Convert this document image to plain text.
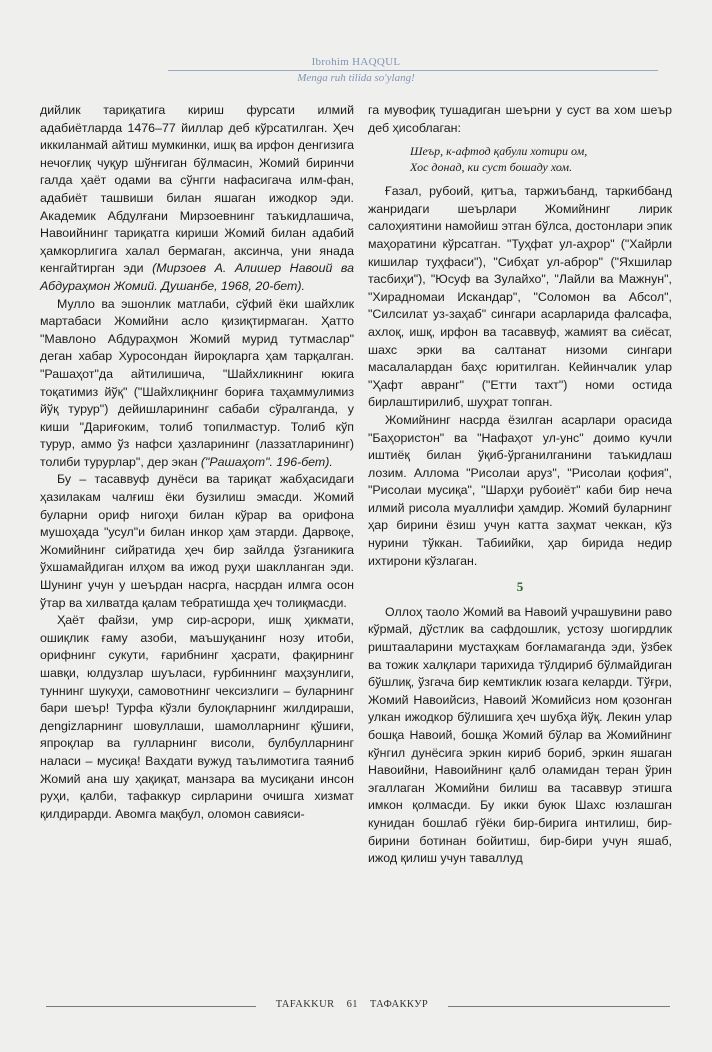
Ibrohim HAQQUL
Menga ruh tilida so'ylang!

дийлик тариқатига кириш фурсати илмий адабиётларда 1476–77 йиллар деб кўрсатилган. Ҳеч иккиланмай айтиш мумкинки, ишқ ва ирфон денгизига нечоғлиқ чуқур шўнғиган бўлмасин, Жомий биринчи галда ҳаёт одами ва сўнгги нафасигача илм-фан, адабиёт ташвиши билан яшаган ижодкор эди. Академик Абдулғани Мирзоевнинг таъкидлашича, Навоийнинг тариқатга кириши Жомий билан адабий ҳамкорлигига халал бермаган, аксинча, уни янада кенгайтирган эди (Мирзоев А. Алишер Навоий ва Абдураҳмон Жомий. Душанбе, 1968, 20-бет).

Мулло ва эшонлик матлаби, сўфий ёки шайхлик мартабаси Жомийни асло қизиқтирмаган. Ҳатто "Мавлоно Абдураҳмон Жомий мурид тутмаслар" деган хабар Хуросондан йироқларга ҳам тарқалган. "Рашаҳот"да айтилишича, "Шайхликнинг юкига тоқатимиз йўқ" ("Шайхлиқнинг бориға таҳаммулимиз йўқ турур") дейишларининг сабаби сўралганда, у киши "Дариғоким, толиб топилмастур. Толиб кўп турур, аммо ўз нафси ҳазларининг (лаззатларининг) толиби турурлар", дер экан ("Рашаҳот". 196-бет).

Бу – тасаввуф дунёси ва тариқат жабҳасидаги ҳазилакам чалғиш ёки бузилиш эмасди. Жомий буларни ориф нигоҳи билан кўрар ва орифона мушоҳада "усул"и билан инкор ҳам этарди. Дарвоқе, Жомийнинг сийратида ҳеч бир зайлда ўзганикига ўхшамайдиган илҳом ва ижод руҳи шаклланган эди. Шунинг учун у шеърдан насрга, насрдан илмга осон ўтар ва хилватда қалам тебратишда ҳеч толиқмасди.

Ҳаёт файзи, умр сир-асрори, ишқ ҳикмати, ошиқлик ғаму азоби, маъшуқанинг нозу итоби, орифнинг сукути, ғарибнинг ҳасрати, фақирнинг шавқи, юлдузлар шуъласи, ғурбиннинг маҳзунлиги, туннинг шукуҳи, самовотнинг чексизлиги – буларнинг бари шеър! Турфа кўзли булоқларнинг жилдираши, дengizларнинг шовуллаши, шамолларнинг қўшиғи, япроқлар ва гулларнинг висоли, булбулларнинг наласи – мусиқа! Вахдати вужуд таълимотига таяниб Жомий ана шу ҳақиқат, манзара ва мусиқани инсон руҳи, қалби, тафаккур сирларини очишга хизмат қилдирарди. Авомга мақбул, оломон савияси-

га мувофиқ тушадиган шеърни у суст ва хом шеър деб ҳисоблаган:

Шеър, к-афтод қабули хотири ом,
Хос донад, ки суст бошаду хом.

Ғазал, рубоий, қитъа, таржиъбанд, таркиббанд жанридаги шеърлари Жомийнинг лирик салоҳиятини намойиш этган бўлса, достонлари эпик маҳоратини кўрсатган. "Туҳфат ул-аҳрор" ("Хайрли кишилар туҳфаси"), "Сибҳат ул-аброр" ("Яхшилар тасбиҳи"), "Юсуф ва Зулайхо", "Лайли ва Мажнун", "Хирадномаи Искандар", "Соломон ва Абсол", "Силсилат уз-заҳаб" сингари асарларида фалсафа, ахлоқ, ишқ, ирфон ва тасаввуф, жамият ва сиёсат, шахс эрки ва салтанат низоми сингари масалалардан баҳс юритилган. Кейинчалик улар "Ҳафт авранг" ("Етти тахт") номи остида бирлаштирилиб, шуҳрат топган.

Жомийнинг насрда ёзилган асарлари орасида "Баҳористон" ва "Нафаҳот ул-унс" доимо кучли иштиёқ билан ўқиб-ўрганилганини таъкидлаш лозим. Аллома "Рисолаи аруз", "Рисолаи қофия", "Рисолаи мусиқа", "Шарҳи рубоиёт" каби бир неча илмий рисола муаллифи ҳамдир. Жомий буларнинг ҳар бирини ёзиш учун катта заҳмат чеккан, кўз нурини тўккан. Табиийки, ҳар бирида недир ихтирони кўзлаган.

5

Оллоҳ таоло Жомий ва Навоий учрашувини раво кўрмай, дўстлик ва сафдошлик, устозу шогирдлик риштаaларини мустаҳкам боғламаганда эди, ўзбек ва тожик халқлари тарихида тўлдириб бўлмайдиган бўшлиқ, ўзгача бир кемтиклик юзага келарди. Тўғри, Жомий Навоийсиз, Навоий Жомийсиз ном қозонган улкан ижодкор бўлишига ҳеч шубҳа йўқ. Лекин улар бошқа Навоий, бошқа Жомий бўлар ва Жомийнинг кўнгил дунёсига эркин кириб бориб, эркин яшаган Навоийни, Навоийнинг қалб оламидан теран ўрин эгаллаган Жомийни билиш ва тасаввур этишга имкон қолмасди. Бу икки буюк Шахс юзлашган кунидан бошлаб гўёки бир-бирига интилиш, бир-бирини ботинан бойитиш, бир-бири учун яшаб, ижод қилиш учун таваллуд

TAFAKKUR 61 ТАФАККУР
